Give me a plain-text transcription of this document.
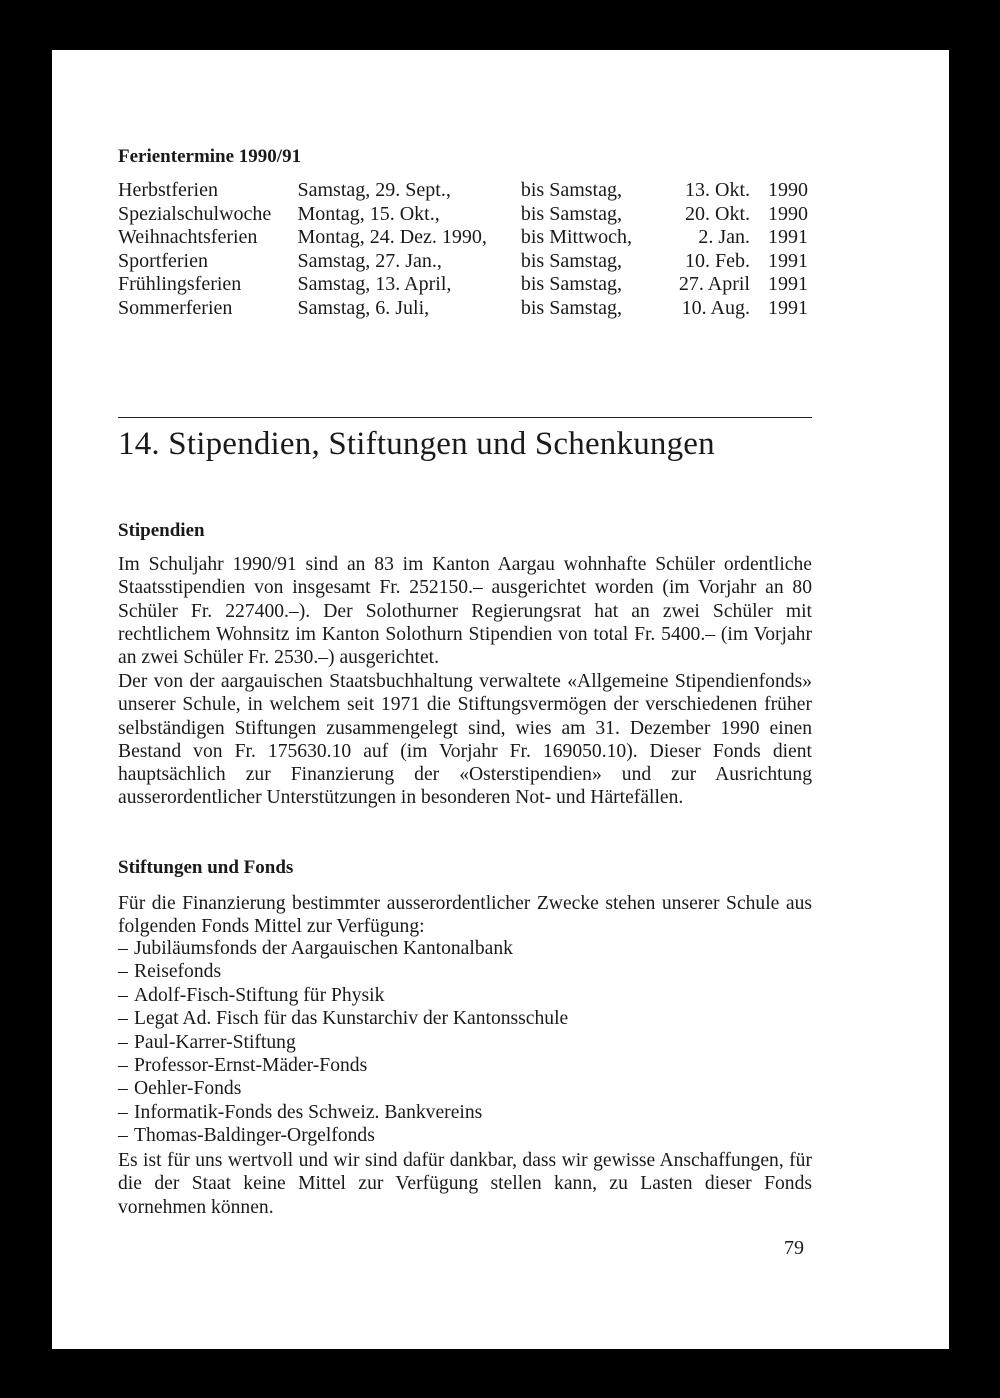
Ferientermine 1990/91
Herbstferien	Samstag, 29. Sept.,	bis Samstag,	13. Okt.	1990
Spezialschulwoche	Montag, 15. Okt.,	bis Samstag,	20. Okt.	1990
Weihnachtsferien	Montag, 24. Dez. 1990,	bis Mittwoch,	2. Jan.	1991
Sportferien	Samstag, 27. Jan.,	bis Samstag,	10. Feb.	1991
Frühlingsferien	Samstag, 13. April,	bis Samstag,	27. April	1991
Sommerferien	Samstag, 6. Juli,	bis Samstag,	10. Aug.	1991
14. Stipendien, Stiftungen und Schenkungen
Stipendien

Im Schuljahr 1990/91 sind an 83 im Kanton Aargau wohnhafte Schüler ordentliche Staatsstipendien von insgesamt Fr. 252150.– ausgerichtet worden (im Vorjahr an 80 Schüler Fr. 227400.–). Der Solothurner Regierungsrat hat an zwei Schüler mit rechtlichem Wohnsitz im Kanton Solothurn Stipendien von total Fr. 5400.– (im Vorjahr an zwei Schüler Fr. 2530.–) ausgerichtet.

Der von der aargauischen Staatsbuchhaltung verwaltete «Allgemeine Stipendienfonds» unserer Schule, in welchem seit 1971 die Stiftungsvermögen der verschiedenen früher selbständigen Stiftungen zusammengelegt sind, wies am 31. Dezember 1990 einen Bestand von Fr. 175630.10 auf (im Vorjahr Fr. 169050.10). Dieser Fonds dient hauptsächlich zur Finanzierung der «Osterstipendien» und zur Ausrichtung ausserordentlicher Unterstützungen in besonderen Not- und Härtefällen.

Stiftungen und Fonds

Für die Finanzierung bestimmter ausserordentlicher Zwecke stehen unserer Schule aus folgenden Fonds Mittel zur Verfügung:

– Jubiläumsfonds der Aargauischen Kantonalbank
– Reisefonds
– Adolf-Fisch-Stiftung für Physik
– Legat Ad. Fisch für das Kunstarchiv der Kantonsschule
– Paul-Karrer-Stiftung
– Professor-Ernst-Mäder-Fonds
– Oehler-Fonds
– Informatik-Fonds des Schweiz. Bankvereins
– Thomas-Baldinger-Orgelfonds

Es ist für uns wertvoll und wir sind dafür dankbar, dass wir gewisse Anschaffungen, für die der Staat keine Mittel zur Verfügung stellen kann, zu Lasten dieser Fonds vornehmen können.

79
